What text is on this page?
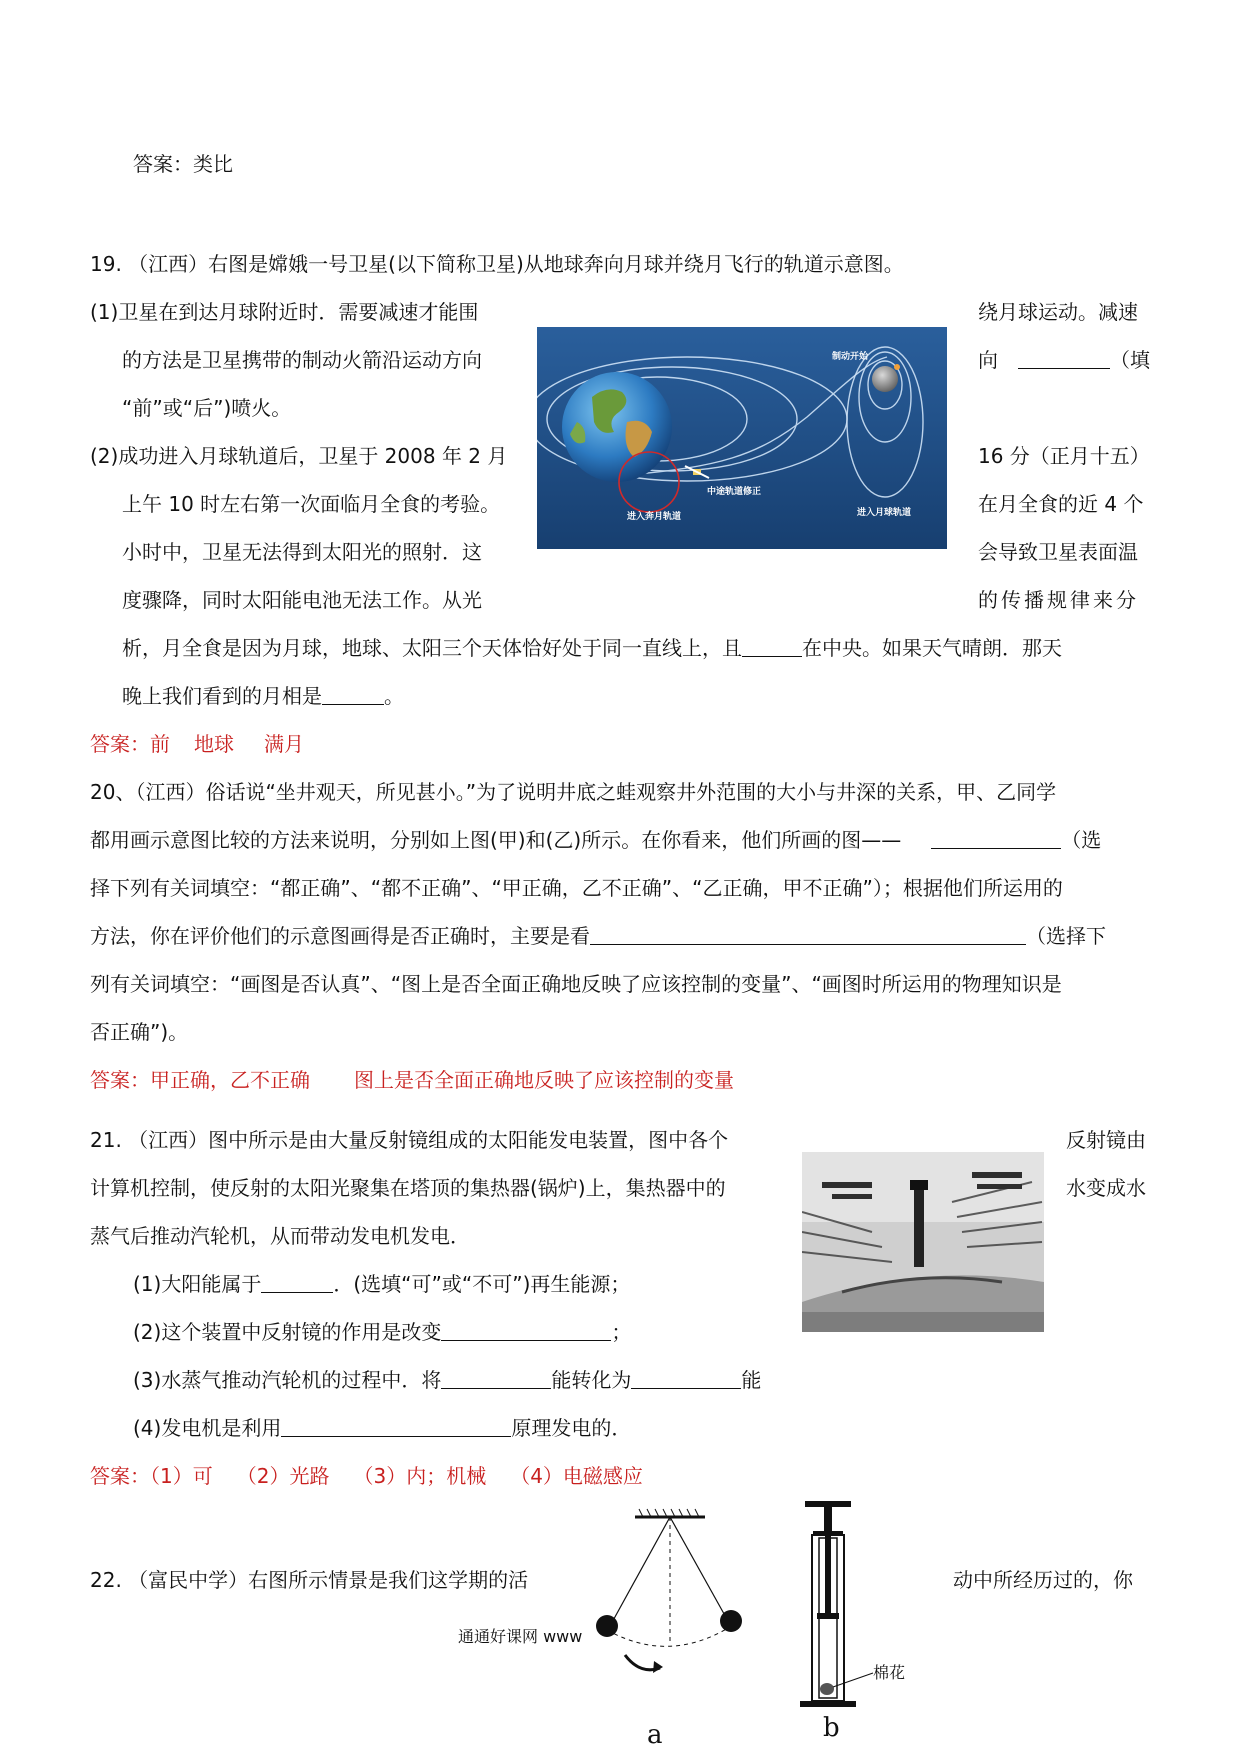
答案：类比
19. （江西）右图是嫦娥一号卫星(以下简称卫星)从地球奔向月球并绕月飞行的轨道示意图。
(1)卫星在到达月球附近时．需要减速才能围	绕月球运动。减速
的方法是卫星携带的制动火箭沿运动方向	向	（填
“前”或“后”)喷火。
(2)成功进入月球轨道后，卫星于 2008 年 2 月	16 分（正月十五）
上午 10 时左右第一次面临月全食的考验。	在月全食的近 4 个
小时中，卫星无法得到太阳光的照射．这	会导致卫星表面温
度骤降，同时太阳能电池无法工作。从光	的传播规律来分
析，月全食是因为月球，地球、太阳三个天体恰好处于同一直线上，且	在中央。如果天气晴朗．那天
晚上我们看到的月相是	。
答案：前 地球 满月
制动开始
进入奔月轨道
中途轨道修正
进入月球轨道
20、（江西）俗话说“坐井观天，所见甚小。”为了说明井底之蛙观察井外范围的大小与井深的关系，甲、乙同学
都用画示意图比较的方法来说明，分别如上图(甲)和(乙)所示。在你看来，他们所画的图——	（选
择下列有关词填空：“都正确”、“都不正确”、“甲正确，乙不正确”、“乙正确，甲不正确”）；根据他们所运用的
方法，你在评价他们的示意图画得是否正确时，主要是看	（选择下
列有关词填空：“画图是否认真”、“图上是否全面正确地反映了应该控制的变量”、“画图时所运用的物理知识是
否正确”)。
答案：甲正确，乙不正确 图上是否全面正确地反映了应该控制的变量
21. （江西）图中所示是由大量反射镜组成的太阳能发电装置，图中各个	反射镜由
计算机控制，使反射的太阳光聚集在塔顶的集热器(锅炉)上，集热器中的	水变成水
蒸气后推动汽轮机，从而带动发电机发电．
(1)大阳能属于	．(选填“可”或“不可”)再生能源；
(2)这个装置中反射镜的作用是改变	；
(3)水蒸气推动汽轮机的过程中．将	能转化为	能
(4)发电机是利用	原理发电的．
答案：（1）可 （2）光路 （3）内；机械 （4）电磁感应
22. （富民中学）右图所示情景是我们这学期的活	动中所经历过的，你
通通好课网 www
a
棉花
b
